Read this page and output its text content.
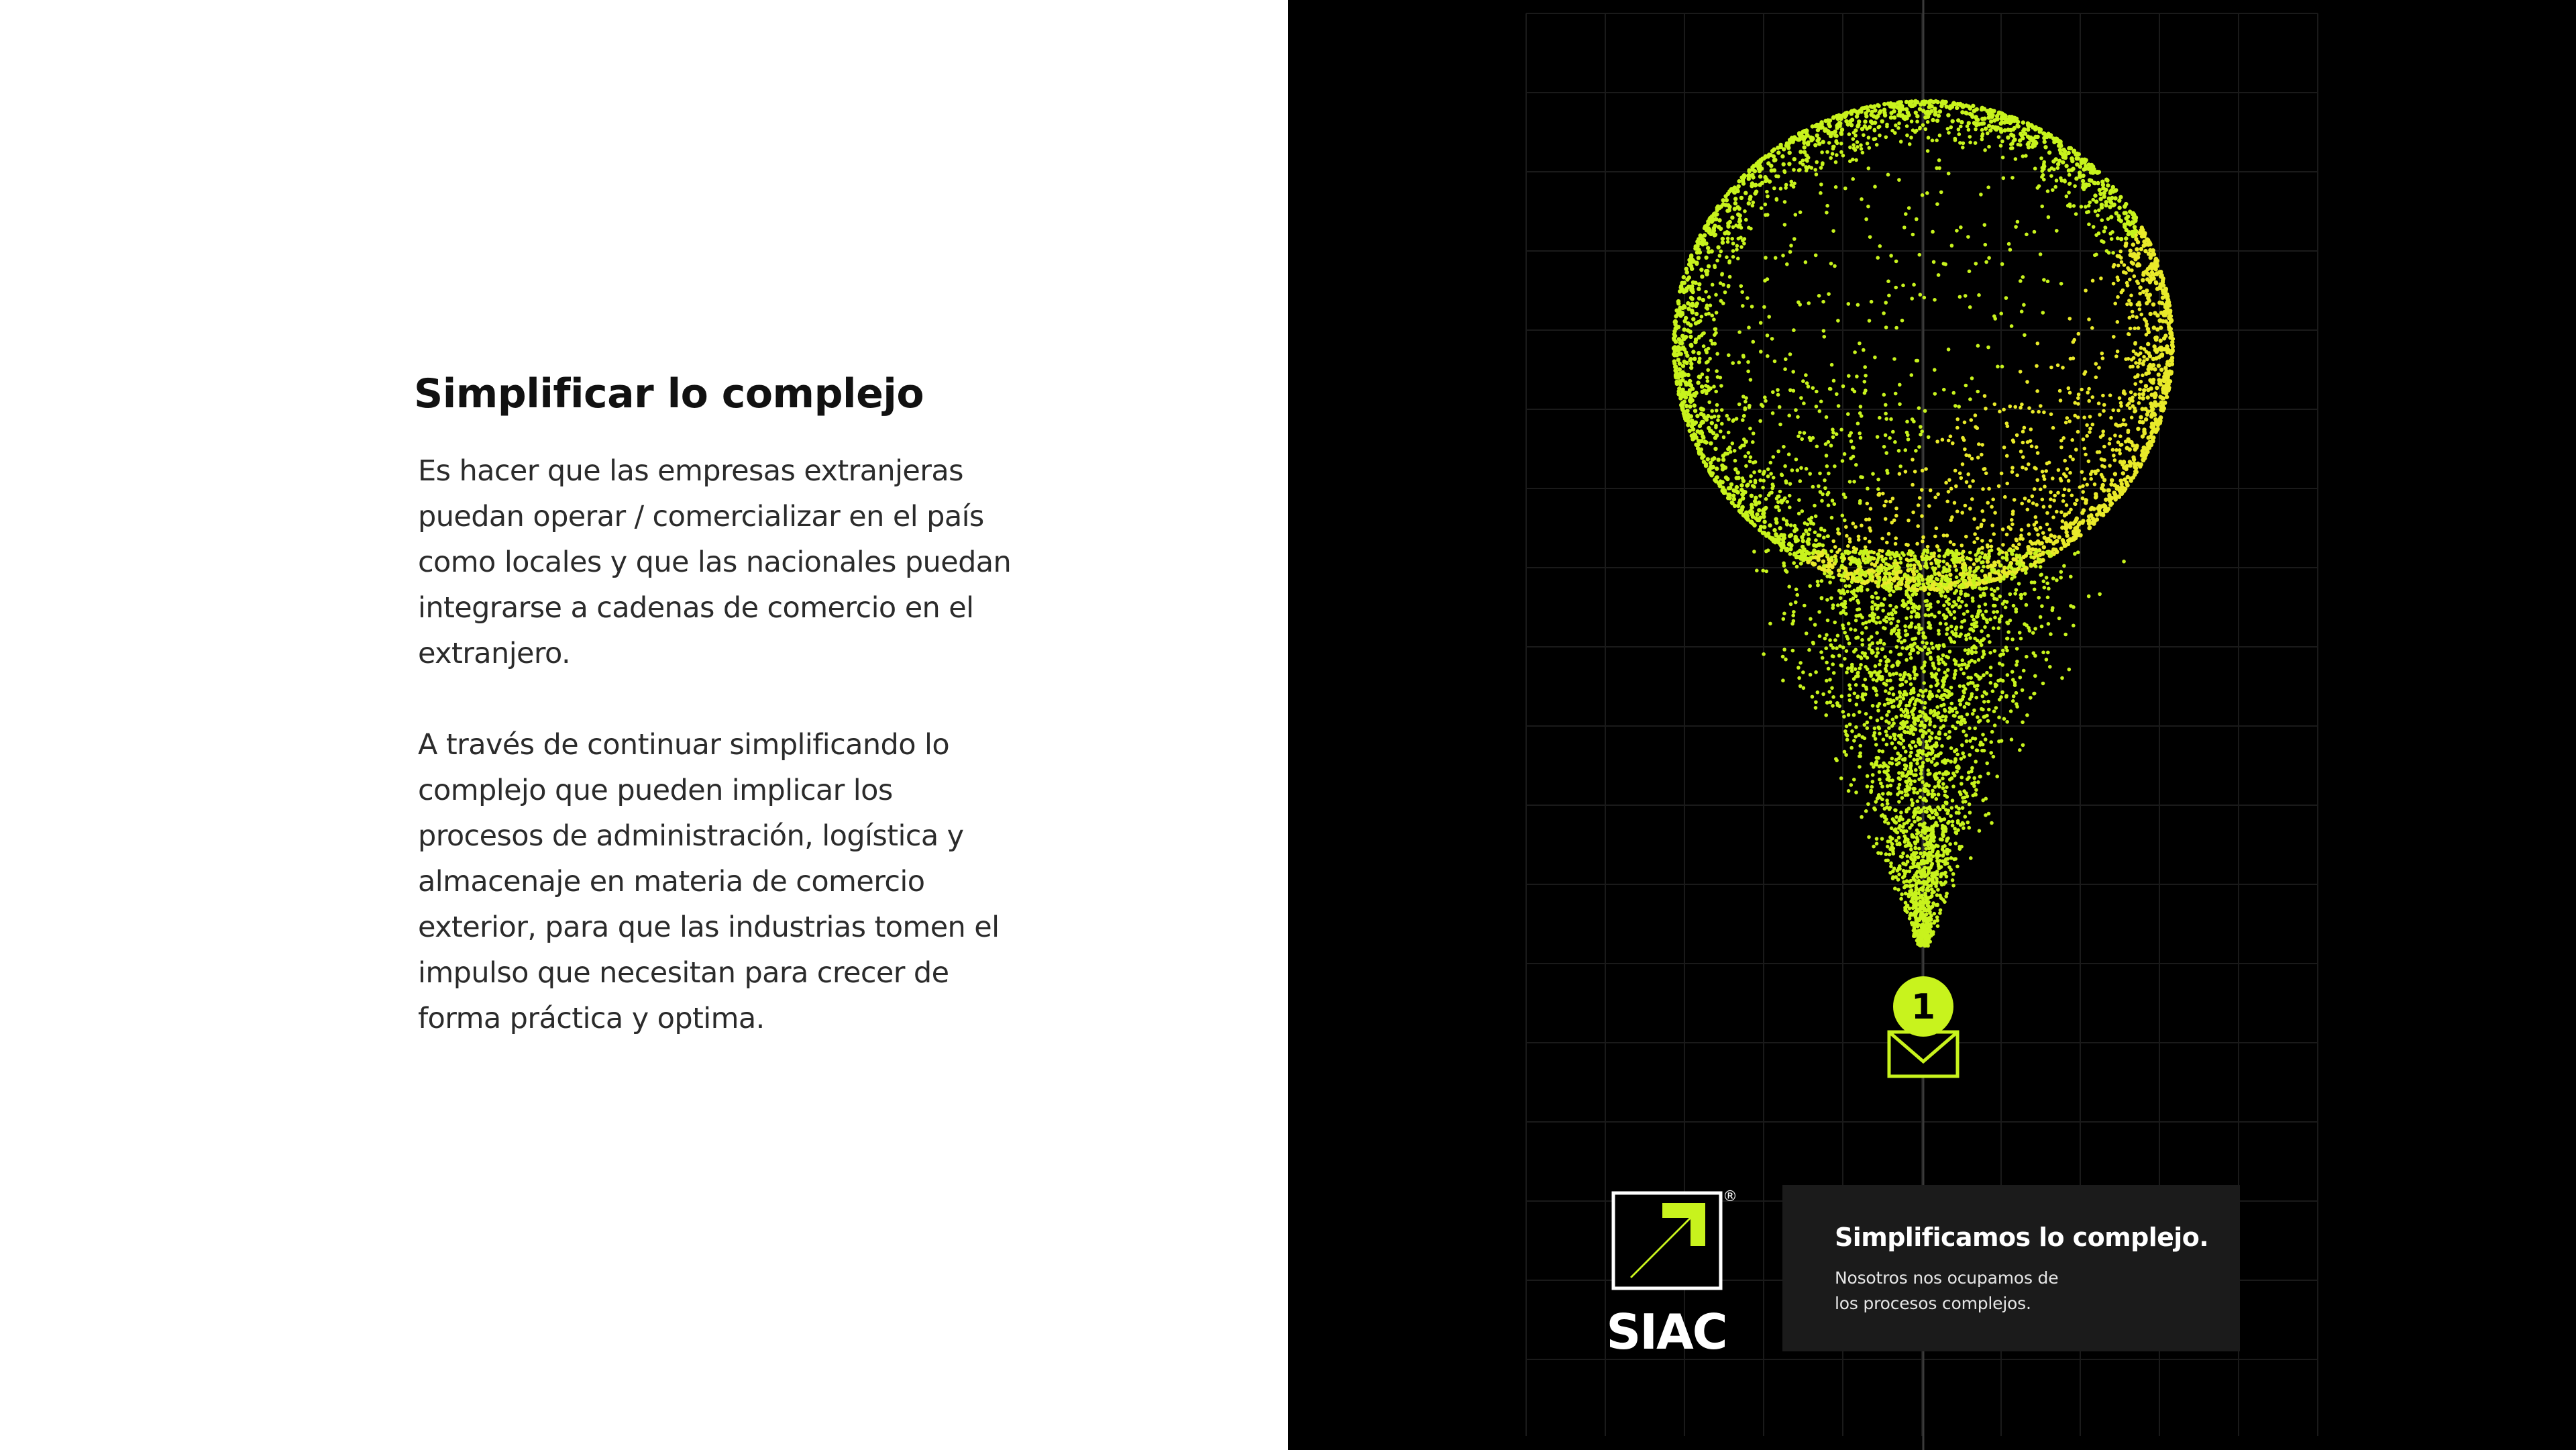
Simplificar lo complejo

Es hacer que las empresas extranjeras
puedan operar / comercializar en el país
como locales y que las nacionales puedan
integrarse a cadenas de comercio en el
extranjero.

A través de continuar simplificando lo
complejo que pueden implicar los
procesos de administración, logística y
almacenaje en materia de comercio
exterior, para que las industrias tomen el
impulso que necesitan para crecer de
forma práctica y optima.	1
®
SIAC

Simplificamos lo complejo.

Nosotros nos ocupamos de
los procesos complejos.
